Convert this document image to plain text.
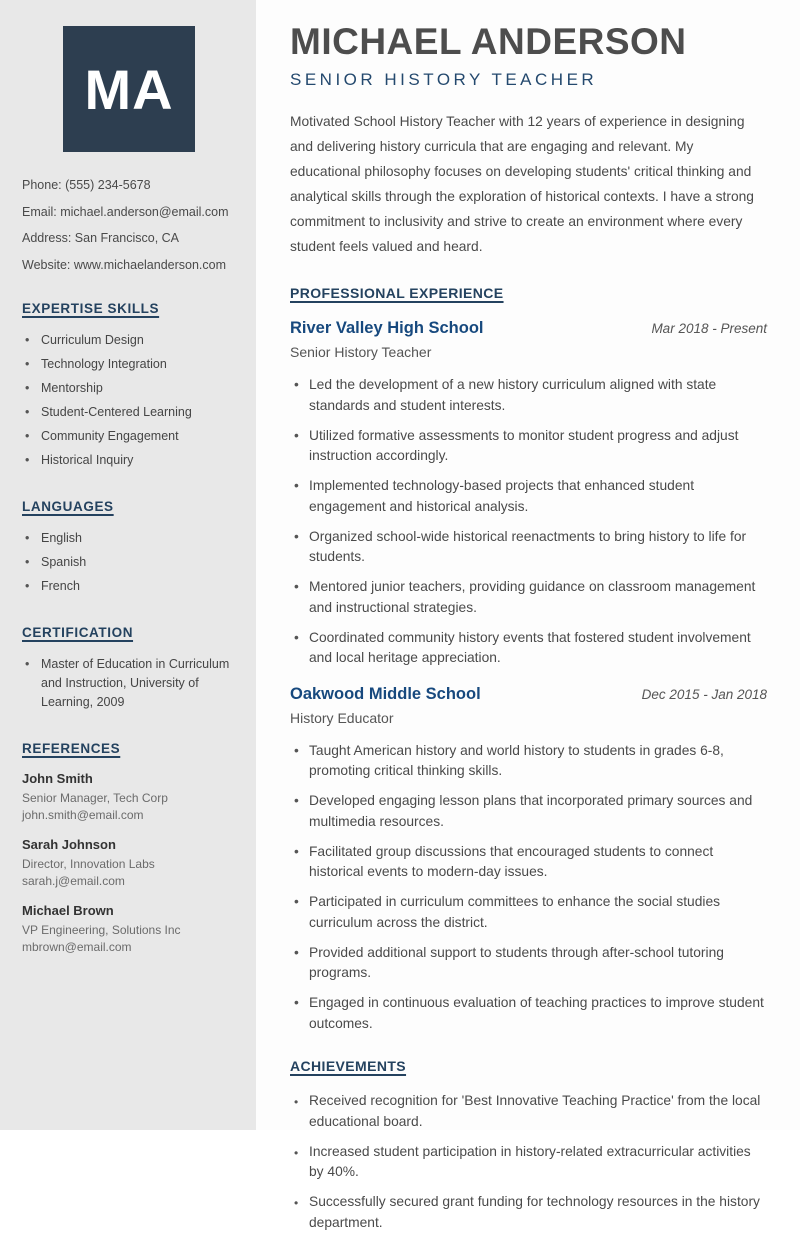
MA
Phone: (555) 234-5678
Email: michael.anderson@email.com
Address: San Francisco, CA
Website: www.michaelanderson.com
EXPERTISE SKILLS
• Curriculum Design
• Technology Integration
• Mentorship
• Student-Centered Learning
• Community Engagement
• Historical Inquiry
LANGUAGES
• English
• Spanish
• French
CERTIFICATION
• Master of Education in Curriculum and Instruction, University of Learning, 2009
REFERENCES
John Smith
Senior Manager, Tech Corp
john.smith@email.com
Sarah Johnson
Director, Innovation Labs
sarah.j@email.com
Michael Brown
VP Engineering, Solutions Inc
mbrown@email.com
MICHAEL ANDERSON
SENIOR HISTORY TEACHER

Motivated School History Teacher with 12 years of experience in designing and delivering history curricula that are engaging and relevant. My educational philosophy focuses on developing students' critical thinking and analytical skills through the exploration of historical contexts. I have a strong commitment to inclusivity and strive to create an environment where every student feels valued and heard.

PROFESSIONAL EXPERIENCE
River Valley High School	Mar 2018 - Present
Senior History Teacher
• Led the development of a new history curriculum aligned with state standards and student interests.
• Utilized formative assessments to monitor student progress and adjust instruction accordingly.
• Implemented technology-based projects that enhanced student engagement and historical analysis.
• Organized school-wide historical reenactments to bring history to life for students.
• Mentored junior teachers, providing guidance on classroom management and instructional strategies.
• Coordinated community history events that fostered student involvement and local heritage appreciation.
Oakwood Middle School	Dec 2015 - Jan 2018
History Educator
• Taught American history and world history to students in grades 6-8, promoting critical thinking skills.
• Developed engaging lesson plans that incorporated primary sources and multimedia resources.
• Facilitated group discussions that encouraged students to connect historical events to modern-day issues.
• Participated in curriculum committees to enhance the social studies curriculum across the district.
• Provided additional support to students through after-school tutoring programs.
• Engaged in continuous evaluation of teaching practices to improve student outcomes.
ACHIEVEMENTS
• Received recognition for 'Best Innovative Teaching Practice' from the local educational board.
• Increased student participation in history-related extracurricular activities by 40%.
• Successfully secured grant funding for technology resources in the history department.
